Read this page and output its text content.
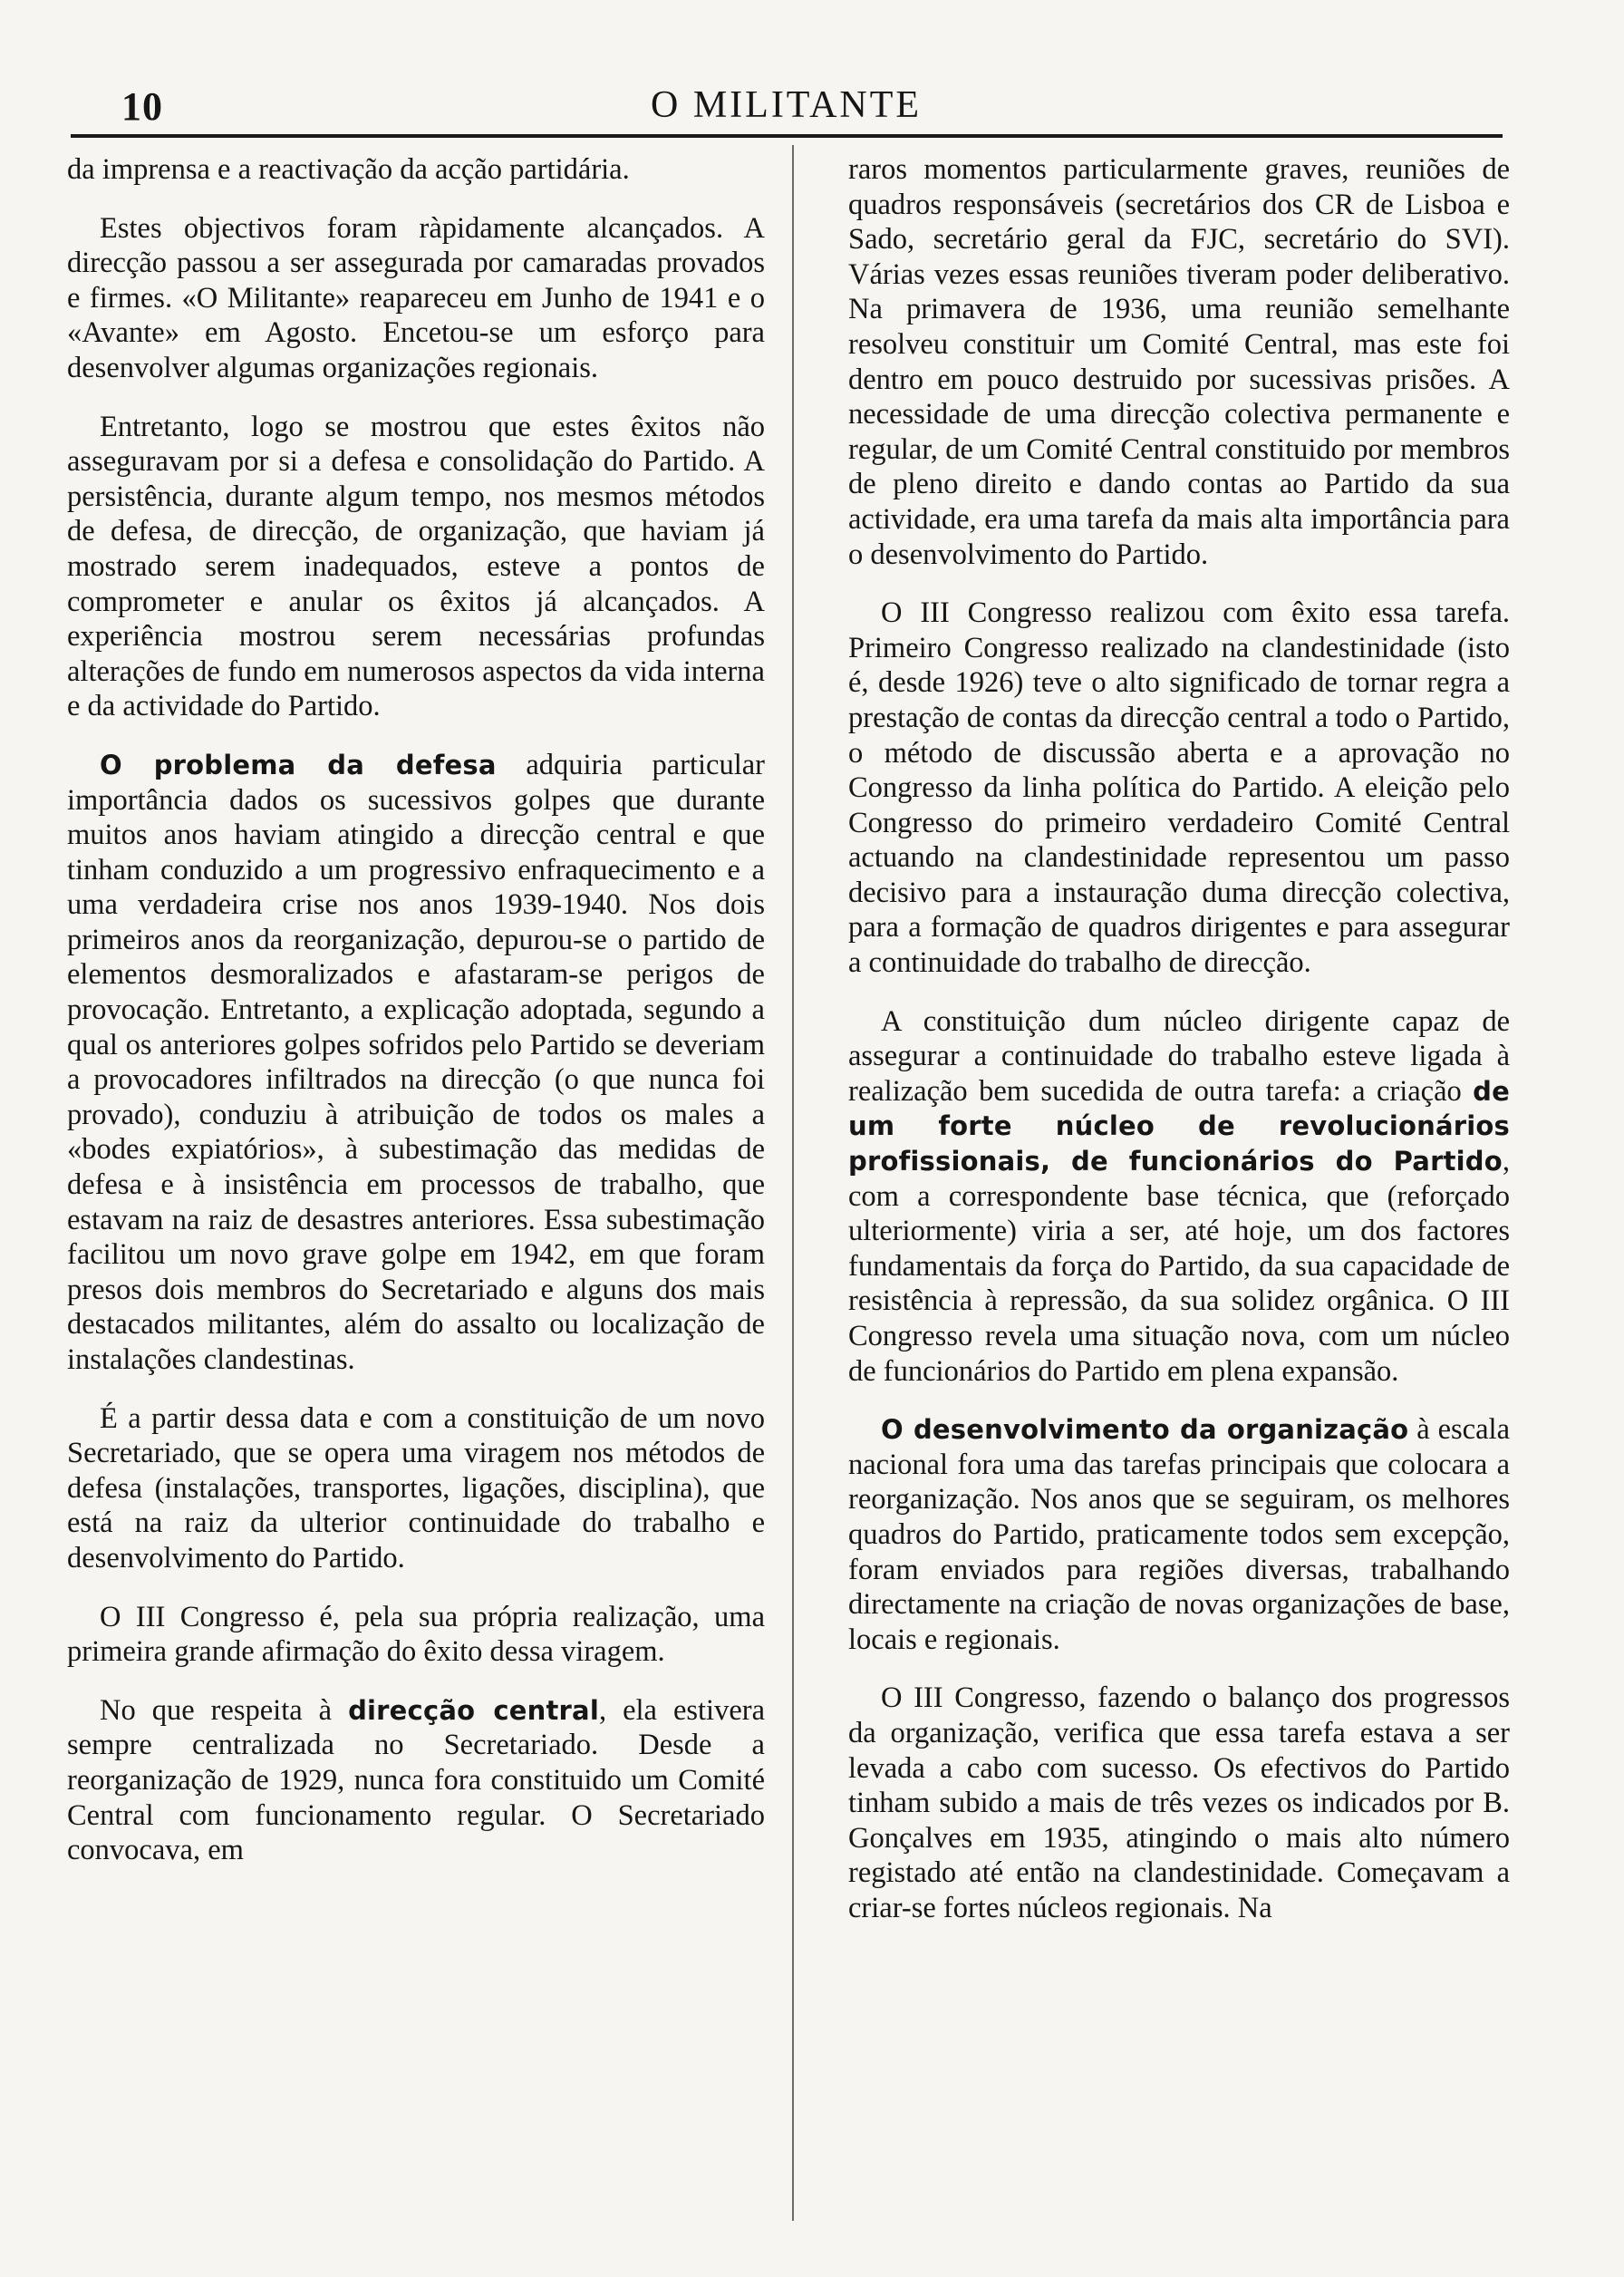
10	O MILITANTE

da imprensa e a reactivação da acção partidária.

Estes objectivos foram ràpidamente alcançados. A direcção passou a ser assegurada por camaradas provados e firmes. «O Militante» reapareceu em Junho de 1941 e o «Avante» em Agosto. Encetou-se um esforço para desenvolver algumas organizações regionais.

Entretanto, logo se mostrou que estes êxitos não asseguravam por si a defesa e consolidação do Partido. A persistência, durante algum tempo, nos mesmos métodos de defesa, de direcção, de organização, que haviam já mostrado serem inadequados, esteve a pontos de comprometer e anular os êxitos já alcançados. A experiência mostrou serem necessárias profundas alterações de fundo em numerosos aspectos da vida interna e da actividade do Partido.

O problema da defesa adquiria particular importância dados os sucessivos golpes que durante muitos anos haviam atingido a direcção central e que tinham conduzido a um progressivo enfraquecimento e a uma verdadeira crise nos anos 1939-1940. Nos dois primeiros anos da reorganização, depurou-se o partido de elementos desmoralizados e afastaram-se perigos de provocação. Entretanto, a explicação adoptada, segundo a qual os anteriores golpes sofridos pelo Partido se deveriam a provocadores infiltrados na direcção (o que nunca foi provado), conduziu à atribuição de todos os males a «bodes expiatórios», à subestimação das medidas de defesa e à insistência em processos de trabalho, que estavam na raiz de desastres anteriores. Essa subestimação facilitou um novo grave golpe em 1942, em que foram presos dois membros do Secretariado e alguns dos mais destacados militantes, além do assalto ou localização de instalações clandestinas.

É a partir dessa data e com a constituição de um novo Secretariado, que se opera uma viragem nos métodos de defesa (instalações, transportes, ligações, disciplina), que está na raiz da ulterior continuidade do trabalho e desenvolvimento do Partido.

O III Congresso é, pela sua própria realização, uma primeira grande afirmação do êxito dessa viragem.

No que respeita à direcção central, ela estivera sempre centralizada no Secretariado. Desde a reorganização de 1929, nunca fora constituido um Comité Central com funcionamento regular. O Secretariado convocava, em

raros momentos particularmente graves, reuniões de quadros responsáveis (secretários dos CR de Lisboa e Sado, secretário geral da FJC, secretário do SVI). Várias vezes essas reuniões tiveram poder deliberativo. Na primavera de 1936, uma reunião semelhante resolveu constituir um Comité Central, mas este foi dentro em pouco destruido por sucessivas prisões. A necessidade de uma direcção colectiva permanente e regular, de um Comité Central constituido por membros de pleno direito e dando contas ao Partido da sua actividade, era uma tarefa da mais alta importância para o desenvolvimento do Partido.

O III Congresso realizou com êxito essa tarefa. Primeiro Congresso realizado na clandestinidade (isto é, desde 1926) teve o alto significado de tornar regra a prestação de contas da direcção central a todo o Partido, o método de discussão aberta e a aprovação no Congresso da linha política do Partido. A eleição pelo Congresso do primeiro verdadeiro Comité Central actuando na clandestinidade representou um passo decisivo para a instauração duma direcção colectiva, para a formação de quadros dirigentes e para assegurar a continuidade do trabalho de direcção.

A constituição dum núcleo dirigente capaz de assegurar a continuidade do trabalho esteve ligada à realização bem sucedida de outra tarefa: a criação de um forte núcleo de revolucionários profissionais, de funcionários do Partido, com a correspondente base técnica, que (reforçado ulteriormente) viria a ser, até hoje, um dos factores fundamentais da força do Partido, da sua capacidade de resistência à repressão, da sua solidez orgânica. O III Congresso revela uma situação nova, com um núcleo de funcionários do Partido em plena expansão.

O desenvolvimento da organização à escala nacional fora uma das tarefas principais que colocara a reorganização. Nos anos que se seguiram, os melhores quadros do Partido, praticamente todos sem excepção, foram enviados para regiões diversas, trabalhando directamente na criação de novas organizações de base, locais e regionais.

O III Congresso, fazendo o balanço dos progressos da organização, verifica que essa tarefa estava a ser levada a cabo com sucesso. Os efectivos do Partido tinham subido a mais de três vezes os indicados por B. Gonçalves em 1935, atingindo o mais alto número registado até então na clandestinidade. Começavam a criar-se fortes núcleos regionais. Na
